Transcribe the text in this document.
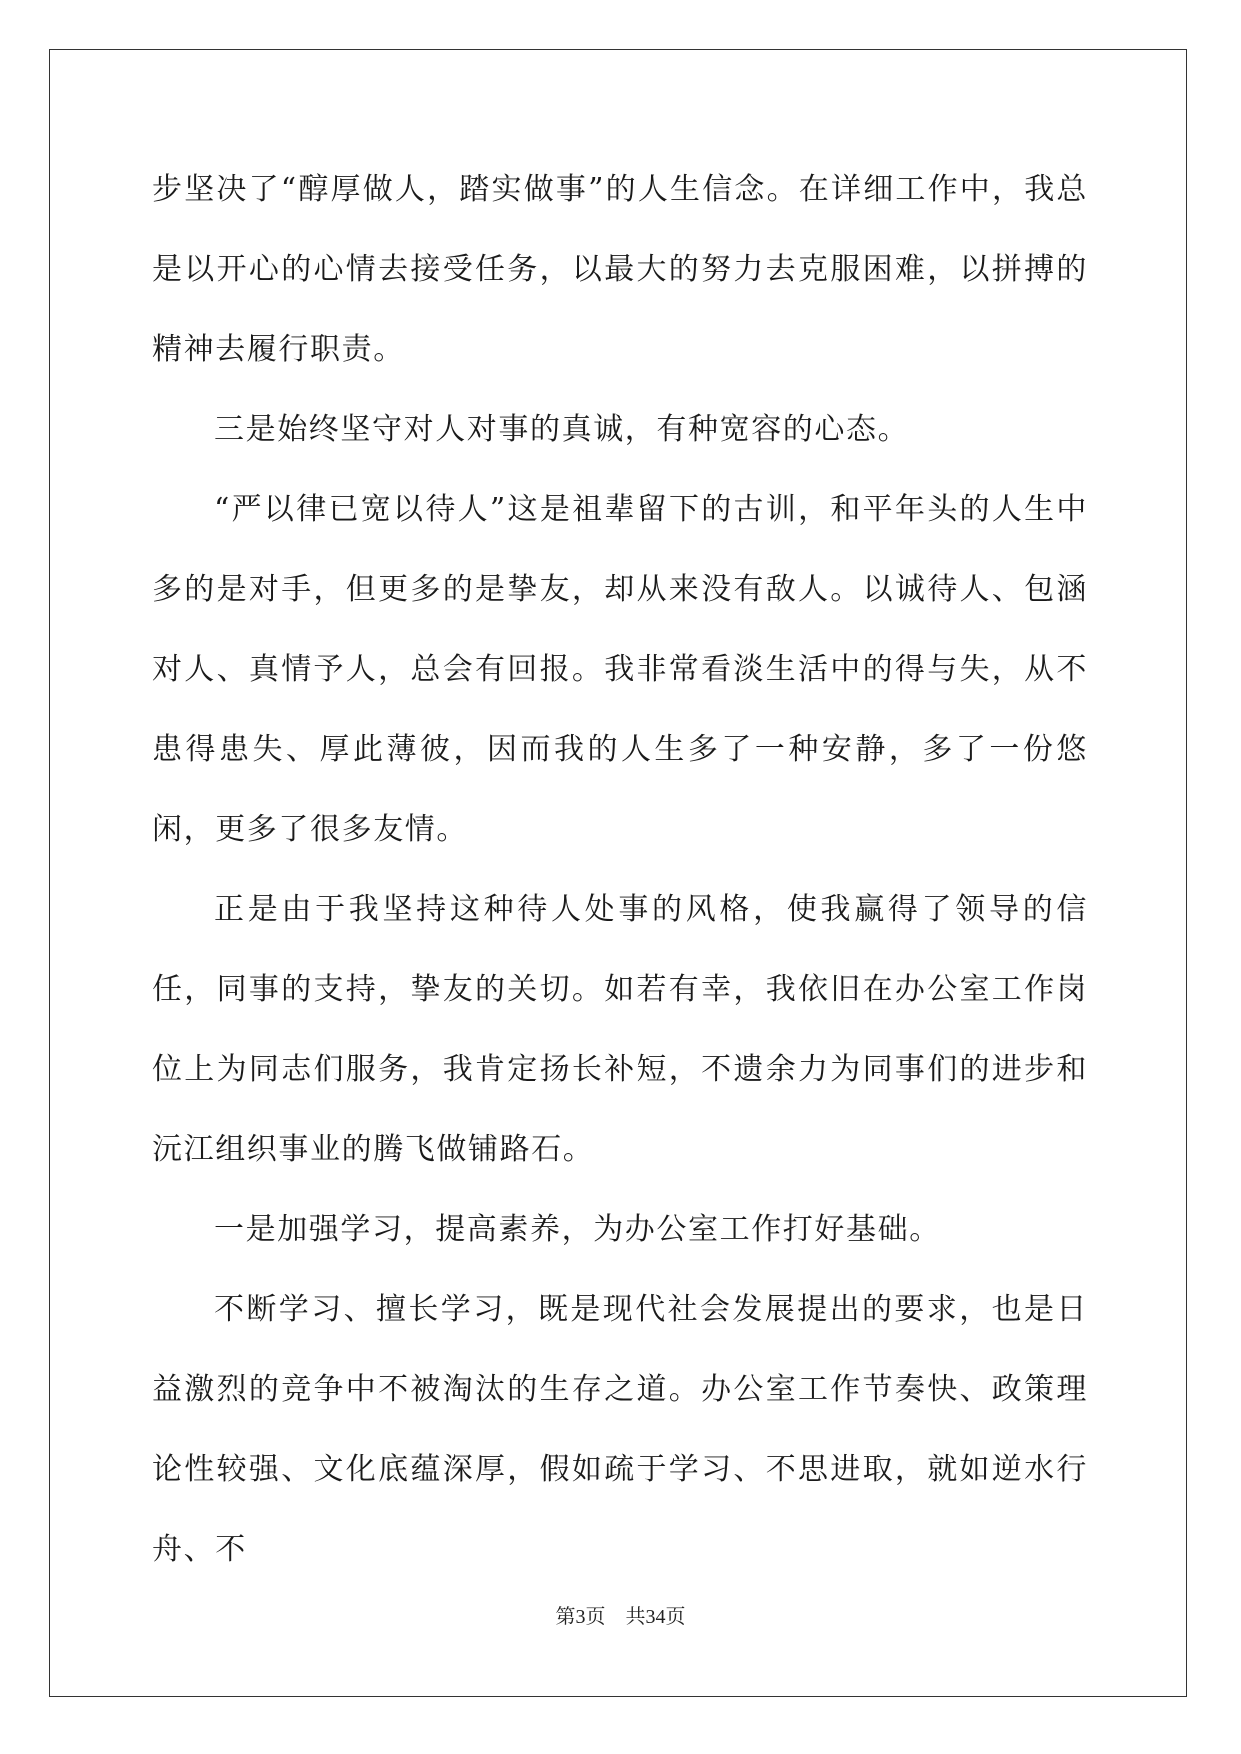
步坚决了“醇厚做人，踏实做事”的人生信念。在详细工作中，我总是以开心的心情去接受任务，以最大的努力去克服困难，以拼搏的精神去履行职责。

三是始终坚守对人对事的真诚，有种宽容的心态。

“严以律已宽以待人”这是祖辈留下的古训，和平年头的人生中多的是对手，但更多的是挚友，却从来没有敌人。以诚待人、包涵对人、真情予人，总会有回报。我非常看淡生活中的得与失，从不患得患失、厚此薄彼，因而我的人生多了一种安静，多了一份悠闲，更多了很多友情。

正是由于我坚持这种待人处事的风格，使我赢得了领导的信任，同事的支持，挚友的关切。如若有幸，我依旧在办公室工作岗位上为同志们服务，我肯定扬长补短，不遗余力为同事们的进步和沅江组织事业的腾飞做铺路石。

一是加强学习，提高素养，为办公室工作打好基础。

不断学习、擅长学习，既是现代社会发展提出的要求，也是日益激烈的竞争中不被淘汰的生存之道。办公室工作节奏快、政策理论性较强、文化底蕴深厚，假如疏于学习、不思进取，就如逆水行舟、不

第3页 共34页
